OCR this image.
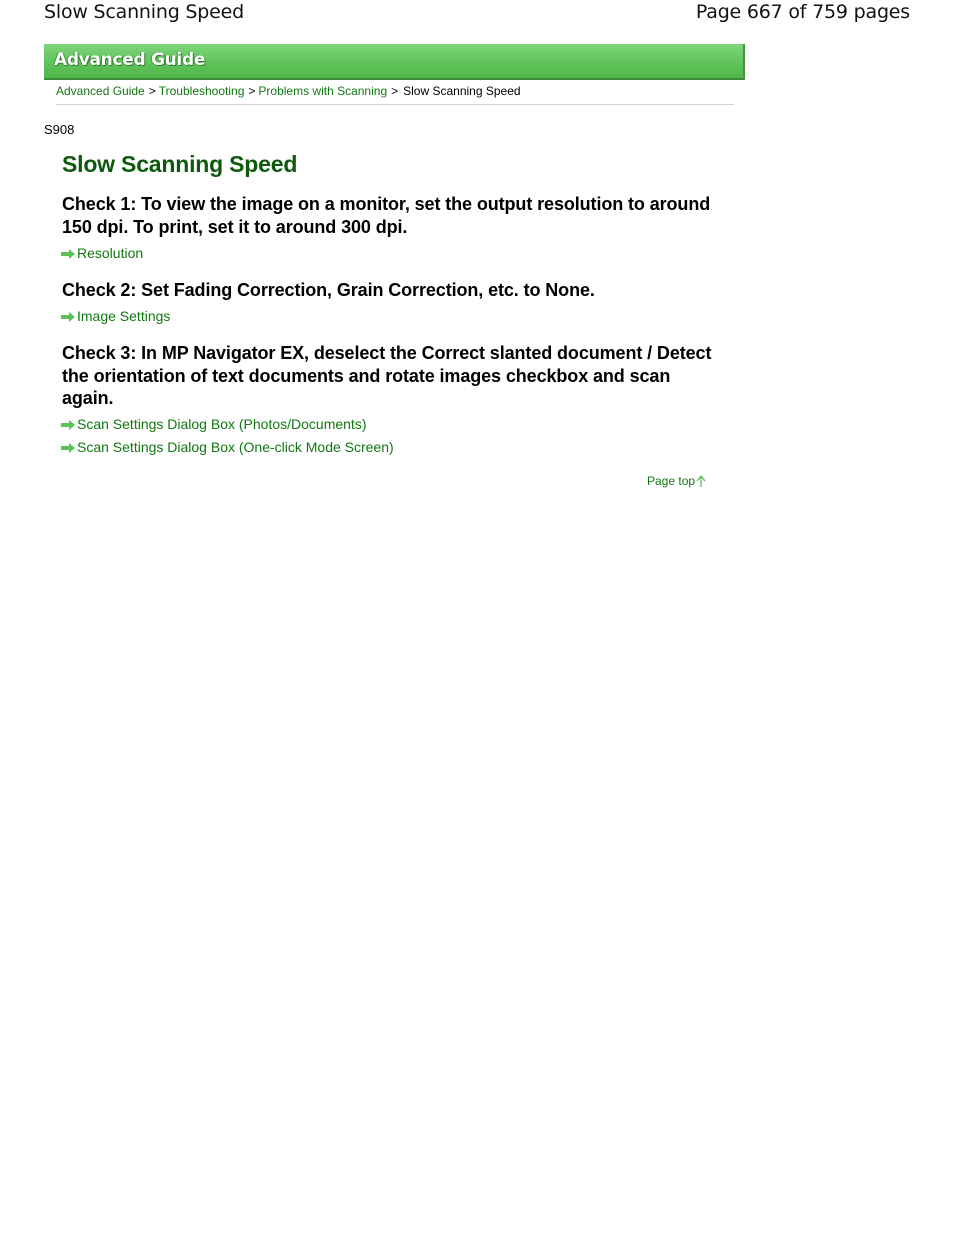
Slow Scanning Speed	Page 667 of 759 pages
Advanced Guide
Advanced Guide > Troubleshooting > Problems with Scanning > Slow Scanning Speed
S908
Slow Scanning Speed
Check 1: To view the image on a monitor, set the output resolution to around 150 dpi. To print, set it to around 300 dpi.
Resolution
Check 2: Set Fading Correction, Grain Correction, etc. to None.
Image Settings
Check 3: In MP Navigator EX, deselect the Correct slanted document / Detect the orientation of text documents and rotate images checkbox and scan again.
Scan Settings Dialog Box (Photos/Documents)
Scan Settings Dialog Box (One-click Mode Screen)
Page top
